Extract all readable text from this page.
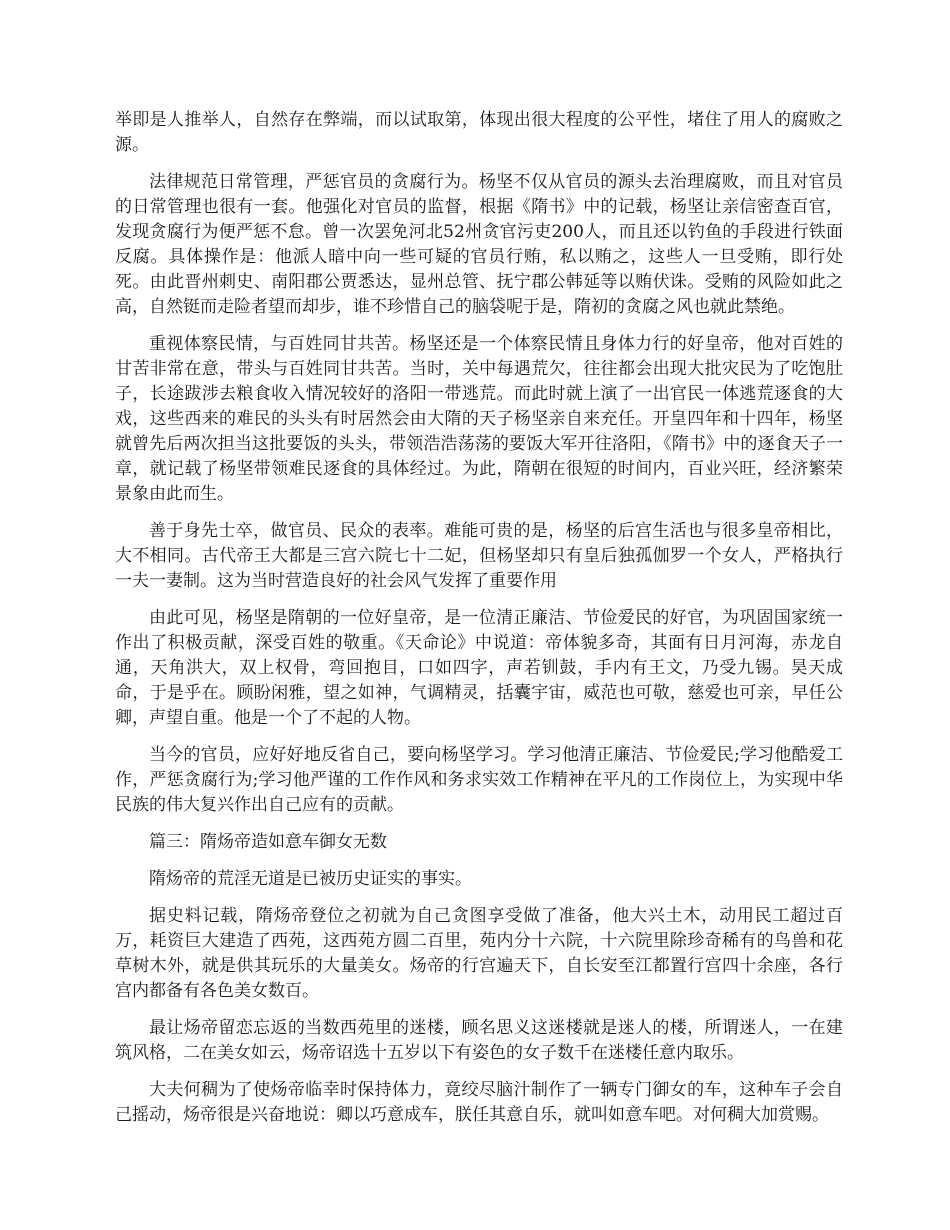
举即是人推举人，自然存在弊端，而以试取第，体现出很大程度的公平性，堵住了用人的腐败之源。

法律规范日常管理，严惩官员的贪腐行为。杨坚不仅从官员的源头去治理腐败，而且对官员的日常管理也很有一套。他强化对官员的监督，根据《隋书》中的记载，杨坚让亲信密查百官，发现贪腐行为便严惩不怠。曾一次罢免河北52州贪官污吏200人，而且还以钓鱼的手段进行铁面反腐。具体操作是：他派人暗中向一些可疑的官员行贿，私以贿之，这些人一旦受贿，即行处死。由此晋州刺史、南阳郡公贾悉达，显州总管、抚宁郡公韩延等以贿伏诛。受贿的风险如此之高，自然铤而走险者望而却步，谁不珍惜自己的脑袋呢于是，隋初的贪腐之风也就此禁绝。

重视体察民情，与百姓同甘共苦。杨坚还是一个体察民情且身体力行的好皇帝，他对百姓的甘苦非常在意，带头与百姓同甘共苦。当时，关中每遇荒欠，往往都会出现大批灾民为了吃饱肚子，长途跋涉去粮食收入情况较好的洛阳一带逃荒。而此时就上演了一出官民一体逃荒逐食的大戏，这些西来的难民的头头有时居然会由大隋的天子杨坚亲自来充任。开皇四年和十四年，杨坚就曾先后两次担当这批要饭的头头，带领浩浩荡荡的要饭大军开往洛阳，《隋书》中的逐食天子一章，就记载了杨坚带领难民逐食的具体经过。为此，隋朝在很短的时间内，百业兴旺，经济繁荣景象由此而生。

善于身先士卒，做官员、民众的表率。难能可贵的是，杨坚的后宫生活也与很多皇帝相比，大不相同。古代帝王大都是三宫六院七十二妃，但杨坚却只有皇后独孤伽罗一个女人，严格执行一夫一妻制。这为当时营造良好的社会风气发挥了重要作用

由此可见，杨坚是隋朝的一位好皇帝，是一位清正廉洁、节俭爱民的好官，为巩固国家统一作出了积极贡献，深受百姓的敬重。《天命论》中说道：帝体貌多奇，其面有日月河海，赤龙自通，天角洪大，双上权骨，弯回抱目，口如四字，声若钏鼓，手内有王文，乃受九锡。昊天成命，于是乎在。顾盼闲雅，望之如神，气调精灵，括囊宇宙，威范也可敬，慈爱也可亲，早任公卿，声望自重。他是一个了不起的人物。

当今的官员，应好好地反省自己，要向杨坚学习。学习他清正廉洁、节俭爱民;学习他酷爱工作，严惩贪腐行为;学习他严谨的工作作风和务求实效工作精神在平凡的工作岗位上，为实现中华民族的伟大复兴作出自己应有的贡献。

篇三：隋炀帝造如意车御女无数

隋炀帝的荒淫无道是已被历史证实的事实。

据史料记载，隋炀帝登位之初就为自己贪图享受做了准备，他大兴土木，动用民工超过百万，耗资巨大建造了西苑，这西苑方圆二百里，苑内分十六院，十六院里除珍奇稀有的鸟兽和花草树木外，就是供其玩乐的大量美女。炀帝的行宫遍天下，自长安至江都置行宫四十余座，各行宫内都备有各色美女数百。

最让炀帝留恋忘返的当数西苑里的迷楼，顾名思义这迷楼就是迷人的楼，所谓迷人，一在建筑风格，二在美女如云，炀帝诏选十五岁以下有姿色的女子数千在迷楼任意内取乐。

大夫何稠为了使炀帝临幸时保持体力，竟绞尽脑汁制作了一辆专门御女的车，这种车子会自己摇动，炀帝很是兴奋地说：卿以巧意成车，朕任其意自乐，就叫如意车吧。对何稠大加赏赐。
